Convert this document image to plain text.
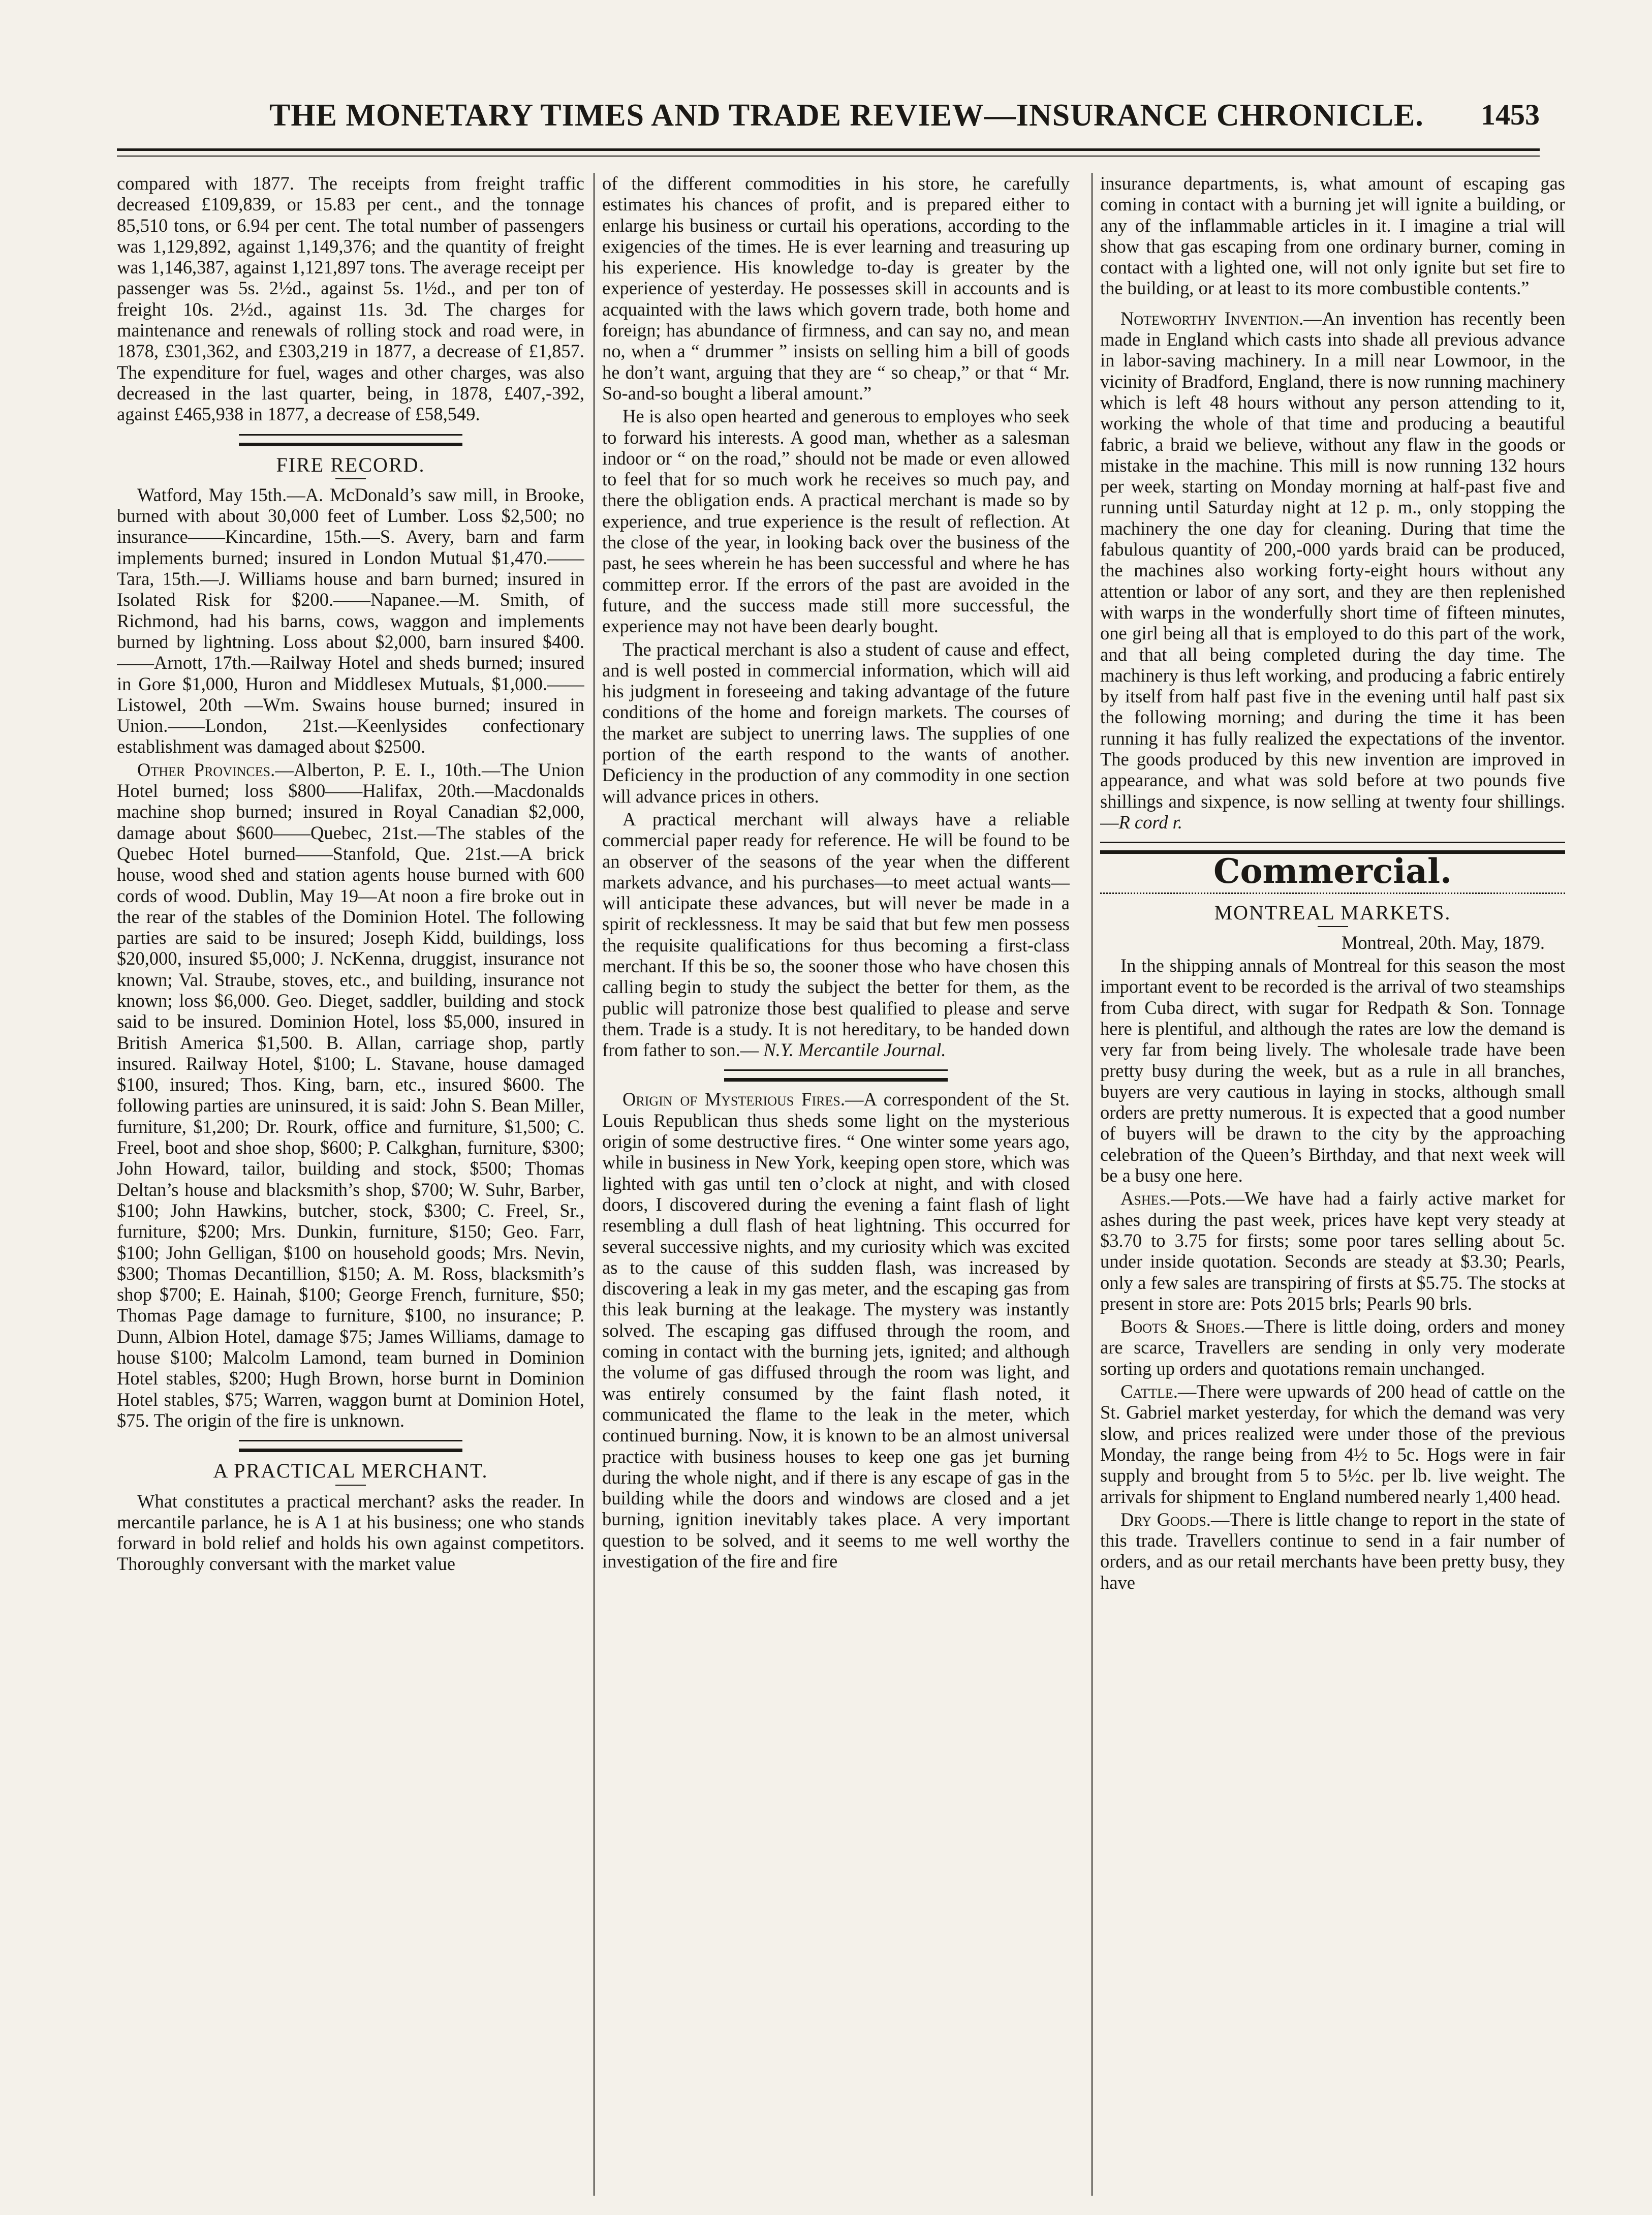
THE MONETARY TIMES AND TRADE REVIEW—INSURANCE CHRONICLE. 1453

compared with 1877. The receipts from freight traffic decreased £109,839, or 15.83 per cent., and the tonnage 85,510 tons, or 6.94 per cent. The total number of passengers was 1,129,892, against 1,149,376; and the quantity of freight was 1,146,387, against 1,121,897 tons. The average receipt per passenger was 5s. 2½d., against 5s. 1½d., and per ton of freight 10s. 2½d., against 11s. 3d. The charges for maintenance and renewals of rolling stock and road were, in 1878, £301,362, and £303,219 in 1877, a decrease of £1,857. The expenditure for fuel, wages and other charges, was also decreased in the last quarter, being, in 1878, £407,-392, against £465,938 in 1877, a decrease of £58,549.

FIRE RECORD.

Watford, May 15th.—A. McDonald’s saw mill, in Brooke, burned with about 30,000 feet of Lumber. Loss $2,500; no insurance——Kincardine, 15th.—S. Avery, barn and farm implements burned; insured in London Mutual $1,470.——Tara, 15th.—J. Williams house and barn burned; insured in Isolated Risk for $200.——Napanee.—M. Smith, of Richmond, had his barns, cows, waggon and implements burned by lightning. Loss about $2,000, barn insured $400.——Arnott, 17th.—Railway Hotel and sheds burned; insured in Gore $1,000, Huron and Middlesex Mutuals, $1,000.—— Listowel, 20th —Wm. Swains house burned; insured in Union.——London, 21st.—Keenlysides confectionary establishment was damaged about $2500.

Other Provinces.—Alberton, P. E. I., 10th.—The Union Hotel burned; loss $800——Halifax, 20th.—Macdonalds machine shop burned; insured in Royal Canadian $2,000, damage about $600——Quebec, 21st.—The stables of the Quebec Hotel burned——Stanfold, Que. 21st.—A brick house, wood shed and station agents house burned with 600 cords of wood. Dublin, May 19—At noon a fire broke out in the rear of the stables of the Dominion Hotel. The following parties are said to be insured; Joseph Kidd, buildings, loss $20,000, insured $5,000; J. NcKenna, druggist, insurance not known; Val. Straube, stoves, etc., and building, insurance not known; loss $6,000. Geo. Dieget, saddler, building and stock said to be insured. Dominion Hotel, loss $5,000, insured in British America $1,500. B. Allan, carriage shop, partly insured. Railway Hotel, $100; L. Stavane, house damaged $100, insured; Thos. King, barn, etc., insured $600. The following parties are uninsured, it is said: John S. Bean Miller, furniture, $1,200; Dr. Rourk, office and furniture, $1,500; C. Freel, boot and shoe shop, $600; P. Calkghan, furniture, $300; John Howard, tailor, building and stock, $500; Thomas Deltan’s house and blacksmith’s shop, $700; W. Suhr, Barber, $100; John Hawkins, butcher, stock, $300; C. Freel, Sr., furniture, $200; Mrs. Dunkin, furniture, $150; Geo. Farr, $100; John Gelligan, $100 on household goods; Mrs. Nevin, $300; Thomas Decantillion, $150; A. M. Ross, blacksmith’s shop $700; E. Hainah, $100; George French, furniture, $50; Thomas Page damage to furniture, $100, no insurance; P. Dunn, Albion Hotel, damage $75; James Williams, damage to house $100; Malcolm Lamond, team burned in Dominion Hotel stables, $200; Hugh Brown, horse burnt in Dominion Hotel stables, $75; Warren, waggon burnt at Dominion Hotel, $75. The origin of the fire is unknown.

A PRACTICAL MERCHANT.

What constitutes a practical merchant? asks the reader. In mercantile parlance, he is A 1 at his business; one who stands forward in bold relief and holds his own against competitors. Thoroughly conversant with the market value

of the different commodities in his store, he carefully estimates his chances of profit, and is prepared either to enlarge his business or curtail his operations, according to the exigencies of the times. He is ever learning and treasuring up his experience. His knowledge to-day is greater by the experience of yesterday. He possesses skill in accounts and is acquainted with the laws which govern trade, both home and foreign; has abundance of firmness, and can say no, and mean no, when a “ drummer ” insists on selling him a bill of goods he don’t want, arguing that they are “ so cheap,” or that “ Mr. So-and-so bought a liberal amount.”

He is also open hearted and generous to employes who seek to forward his interests. A good man, whether as a salesman indoor or “ on the road,” should not be made or even allowed to feel that for so much work he receives so much pay, and there the obligation ends. A practical merchant is made so by experience, and true experience is the result of reflection. At the close of the year, in looking back over the business of the past, he sees wherein he has been successful and where he has committep error. If the errors of the past are avoided in the future, and the success made still more successful, the experience may not have been dearly bought.

The practical merchant is also a student of cause and effect, and is well posted in commercial information, which will aid his judgment in foreseeing and taking advantage of the future conditions of the home and foreign markets. The courses of the market are subject to unerring laws. The supplies of one portion of the earth respond to the wants of another. Deficiency in the production of any commodity in one section will advance prices in others.

A practical merchant will always have a reliable commercial paper ready for reference. He will be found to be an observer of the seasons of the year when the different markets advance, and his purchases—to meet actual wants—will anticipate these advances, but will never be made in a spirit of recklessness. It may be said that but few men possess the requisite qualifications for thus becoming a first-class merchant. If this be so, the sooner those who have chosen this calling begin to study the subject the better for them, as the public will patronize those best qualified to please and serve them. Trade is a study. It is not hereditary, to be handed down from father to son.— N.Y. Mercantile Journal.

Origin of Mysterious Fires.—A correspondent of the St. Louis Republican thus sheds some light on the mysterious origin of some destructive fires. “ One winter some years ago, while in business in New York, keeping open store, which was lighted with gas until ten o’clock at night, and with closed doors, I discovered during the evening a faint flash of light resembling a dull flash of heat lightning. This occurred for several successive nights, and my curiosity which was excited as to the cause of this sudden flash, was increased by discovering a leak in my gas meter, and the escaping gas from this leak burning at the leakage. The mystery was instantly solved. The escaping gas diffused through the room, and coming in contact with the burning jets, ignited; and although the volume of gas diffused through the room was light, and was entirely consumed by the faint flash noted, it communicated the flame to the leak in the meter, which continued burning. Now, it is known to be an almost universal practice with business houses to keep one gas jet burning during the whole night, and if there is any escape of gas in the building while the doors and windows are closed and a jet burning, ignition inevitably takes place. A very important question to be solved, and it seems to me well worthy the investigation of the fire and fire

insurance departments, is, what amount of escaping gas coming in contact with a burning jet will ignite a building, or any of the inflammable articles in it. I imagine a trial will show that gas escaping from one ordinary burner, coming in contact with a lighted one, will not only ignite but set fire to the building, or at least to its more combustible contents.”

Noteworthy Invention.—An invention has recently been made in England which casts into shade all previous advance in labor-saving machinery. In a mill near Lowmoor, in the vicinity of Bradford, England, there is now running machinery which is left 48 hours without any person attending to it, working the whole of that time and producing a beautiful fabric, a braid we believe, without any flaw in the goods or mistake in the machine. This mill is now running 132 hours per week, starting on Monday morning at half-past five and running until Saturday night at 12 p. m., only stopping the machinery the one day for cleaning. During that time the fabulous quantity of 200,-000 yards braid can be produced, the machines also working forty-eight hours without any attention or labor of any sort, and they are then replenished with warps in the wonderfully short time of fifteen minutes, one girl being all that is employed to do this part of the work, and that all being completed during the day time. The machinery is thus left working, and producing a fabric entirely by itself from half past five in the evening until half past six the following morning; and during the time it has been running it has fully realized the expectations of the inventor. The goods produced by this new invention are improved in appearance, and what was sold before at two pounds five shillings and sixpence, is now selling at twenty four shillings.—R cord r.

Commercial.
MONTREAL MARKETS.

Montreal, 20th. May, 1879.

In the shipping annals of Montreal for this season the most important event to be recorded is the arrival of two steamships from Cuba direct, with sugar for Redpath & Son. Tonnage here is plentiful, and although the rates are low the demand is very far from being lively. The wholesale trade have been pretty busy during the week, but as a rule in all branches, buyers are very cautious in laying in stocks, although small orders are pretty numerous. It is expected that a good number of buyers will be drawn to the city by the approaching celebration of the Queen’s Birthday, and that next week will be a busy one here.

Ashes.—Pots.—We have had a fairly active market for ashes during the past week, prices have kept very steady at $3.70 to 3.75 for firsts; some poor tares selling about 5c. under inside quotation. Seconds are steady at $3.30; Pearls, only a few sales are transpiring of firsts at $5.75. The stocks at present in store are: Pots 2015 brls; Pearls 90 brls.

Boots & Shoes.—There is little doing, orders and money are scarce, Travellers are sending in only very moderate sorting up orders and quotations remain unchanged.

Cattle.—There were upwards of 200 head of cattle on the St. Gabriel market yesterday, for which the demand was very slow, and prices realized were under those of the previous Monday, the range being from 4½ to 5c. Hogs were in fair supply and brought from 5 to 5½c. per lb. live weight. The arrivals for shipment to England numbered nearly 1,400 head.

Dry Goods.—There is little change to report in the state of this trade. Travellers continue to send in a fair number of orders, and as our retail merchants have been pretty busy, they have
